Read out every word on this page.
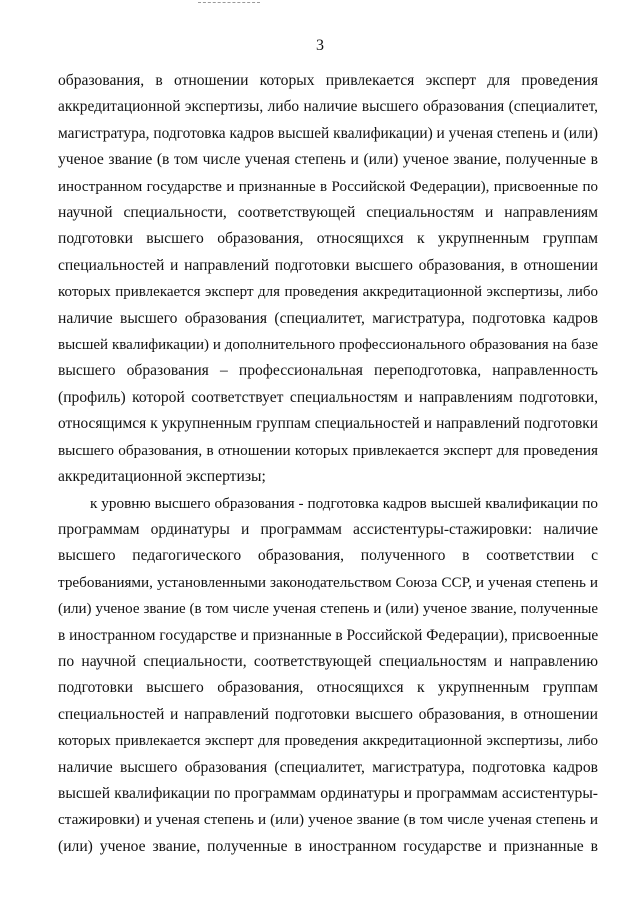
3

образования, в отношении которых привлекается эксперт для проведения

аккредитационной экспертизы, либо наличие высшего образования (специалитет,

магистратура, подготовка кадров высшей квалификации) и ученая степень и (или)

ученое звание (в том числе ученая степень и (или) ученое звание, полученные в

иностранном государстве и признанные в Российской Федерации), присвоенные по

научной специальности, соответствующей специальностям и направлениям

подготовки высшего образования, относящихся к укрупненным группам

специальностей и направлений подготовки высшего образования, в отношении

которых привлекается эксперт для проведения аккредитационной экспертизы, либо

наличие высшего образования (специалитет, магистратура, подготовка кадров

высшей квалификации) и дополнительного профессионального образования на базе

высшего образования – профессиональная переподготовка, направленность

(профиль) которой соответствует специальностям и направлениям подготовки,

относящимся к укрупненным группам специальностей и направлений подготовки

высшего образования, в отношении которых привлекается эксперт для проведения

аккредитационной экспертизы;

к уровню высшего образования - подготовка кадров высшей квалификации по

программам ординатуры и программам ассистентуры-стажировки: наличие

высшего педагогического образования, полученного в соответствии с

требованиями, установленными законодательством Союза ССР, и ученая степень и

(или) ученое звание (в том числе ученая степень и (или) ученое звание, полученные

в иностранном государстве и признанные в Российской Федерации), присвоенные

по научной специальности, соответствующей специальностям и направлению

подготовки высшего образования, относящихся к укрупненным группам

специальностей и направлений подготовки высшего образования, в отношении

которых привлекается эксперт для проведения аккредитационной экспертизы, либо

наличие высшего образования (специалитет, магистратура, подготовка кадров

высшей квалификации по программам ординатуры и программам ассистентуры-

стажировки) и ученая степень и (или) ученое звание (в том числе ученая степень и

(или) ученое звание, полученные в иностранном государстве и признанные в
